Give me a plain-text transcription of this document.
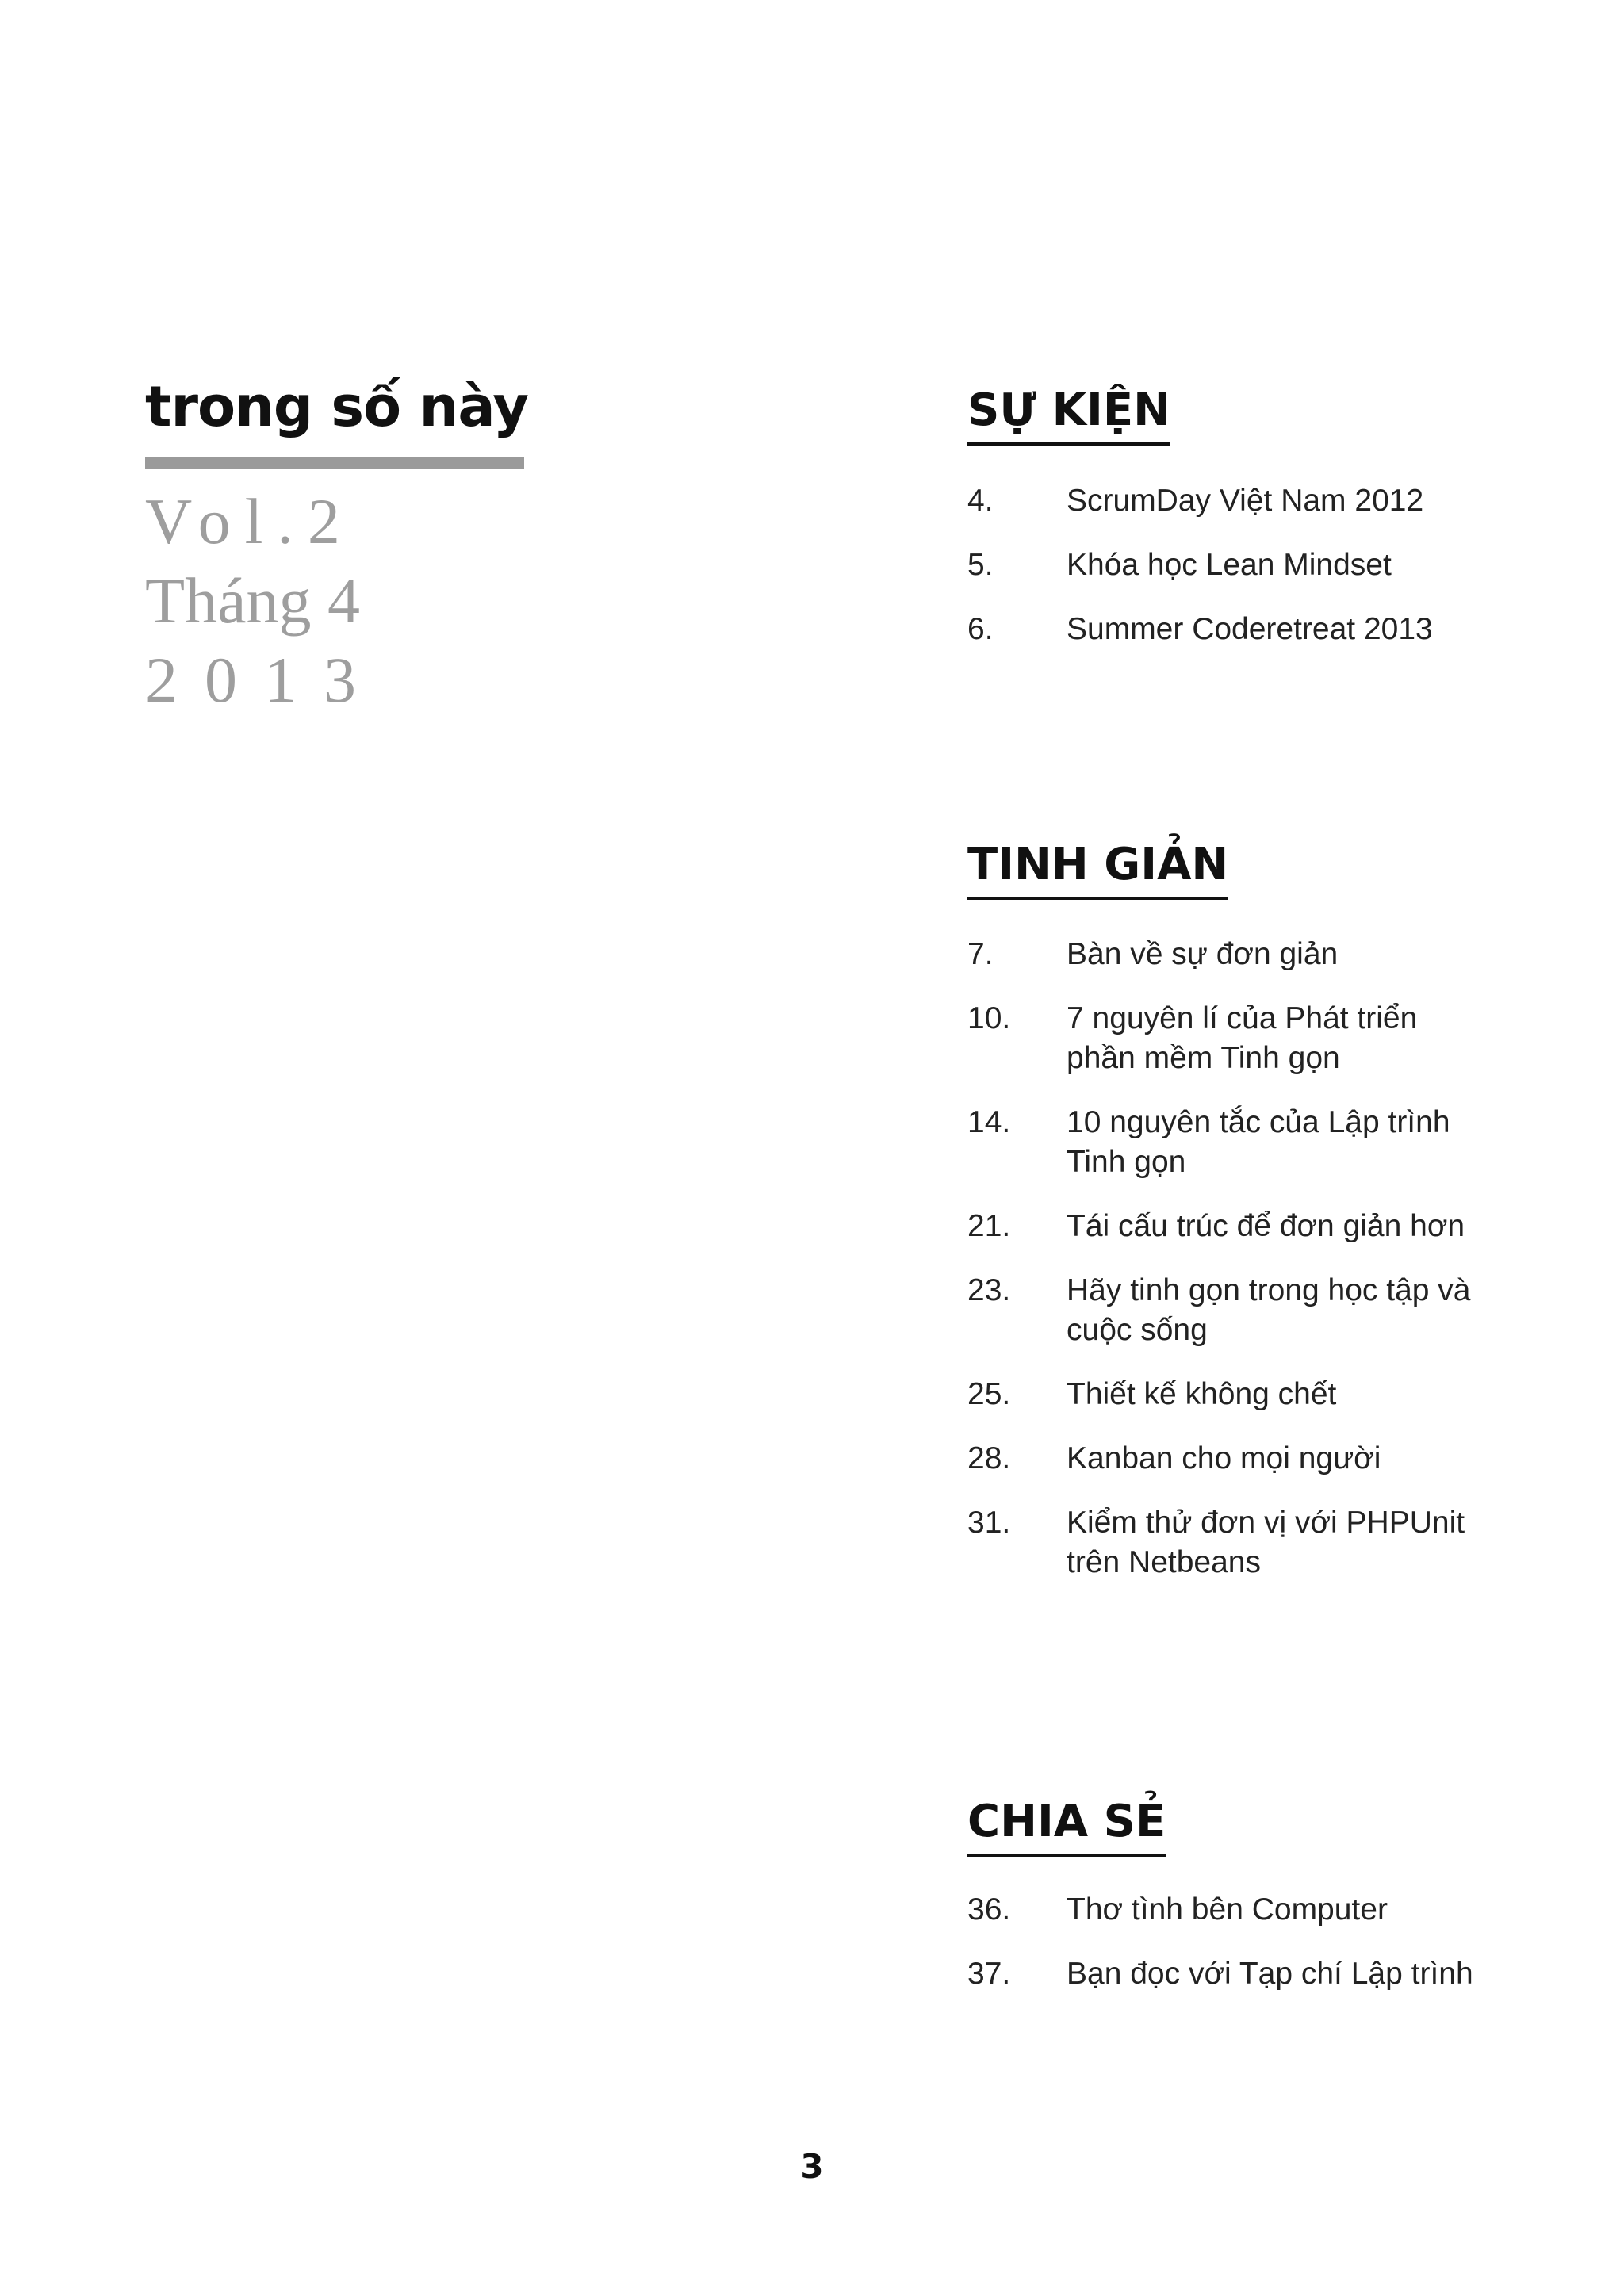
trong số này
Vol.2
Tháng 4
2013
SỰ KIỆN
4.	ScrumDay Việt Nam 2012
5.	Khóa học Lean Mindset
6.	Summer Coderetreat 2013
TINH GIẢN
7.	Bàn về sự đơn giản
10.	7 nguyên lí của Phát triển phần mềm Tinh gọn
14.	10 nguyên tắc của Lập trình Tinh gọn
21.	Tái cấu trúc để đơn giản hơn
23.	Hãy tinh gọn trong học tập và cuộc sống
25.	Thiết kế không chết
28.	Kanban cho mọi người
31.	Kiểm thử đơn vị với PHPUnit trên Netbeans
CHIA SẺ
36.	Thơ tình bên Computer
37.	Bạn đọc với Tạp chí Lập trình
3
